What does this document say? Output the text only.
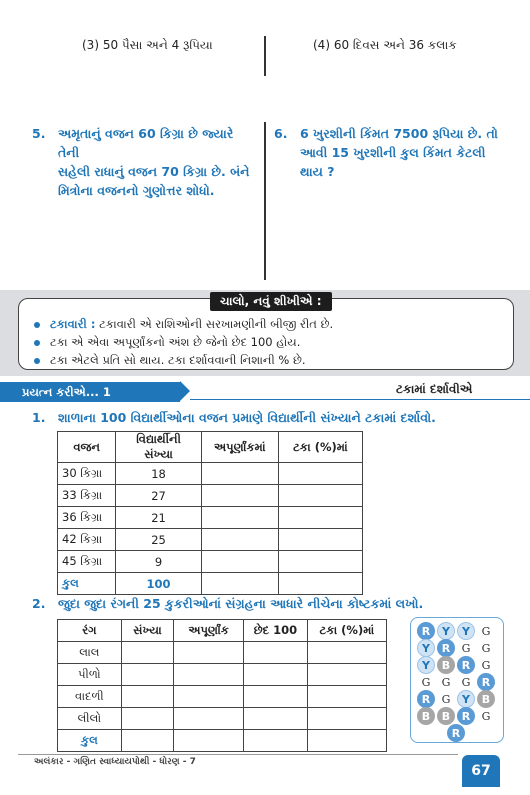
(3) 50 પૈસા અને 4 રૂપિયા	(4) 60 દિવસ અને 36 કલાક
5. અમૃતાનું વજન 60 કિગ્રા છે જ્યારે તેની
સહેલી રાધાનું વજન 70 કિગ્રા છે. બંને
મિત્રોના વજનનો ગુણોત્તર શોધો.
6. 6 ખુરશીની કિંમત 7500 રૂપિયા છે. તો
આવી 15 ખુરશીની કુલ કિંમત કેટલી
થાય ?
ચાલો, નવું શીખીએ :
ટકાવારી : ટકાવારી એ રાશિઓની સરખામણીની બીજી રીત છે.
ટકા એ એવા અપૂર્ણાંકનો અંશ છે જેનો છેદ 100 હોય.
ટકા એટલે પ્રતિ સો થાય. ટકા દર્શાવવાની નિશાની % છે.
પ્રયત્ન કરીએ... 1	ટકામાં દર્શાવીએ
1. શાળાના 100 વિદ્યાર્થીઓના વજન પ્રમાણે વિદ્યાર્થીની સંખ્યાને ટકામાં દર્શાવો.
વજન	વિદ્યાર્થીની સંખ્યા	અપૂર્ણાંકમાં	ટકા (%)માં
30 કિગ્રા	18		
33 કિગ્રા	27		
36 કિગ્રા	21		
42 કિગ્રા	25		
45 કિગ્રા	9		
કુલ	100		
2. જુદા જુદા રંગની 25 કુકરીઓનાં સંગ્રહના આધારે નીચેના કોષ્ટકમાં લખો.
રંગ	સંખ્યા	અપૂર્ણાંક	છેદ 100	ટકા (%)માં
લાલ				
પીળો				
વાદળી				
લીલો				
કુલ				
R	Y	Y	G
Y	R	G	G
Y	B	R	G
G	G	G	R
R	G	Y	B
B	B	R	G
R
અલંકાર - ગણિત સ્વાધ્યાયપોથી - ધોરણ - 7
67
